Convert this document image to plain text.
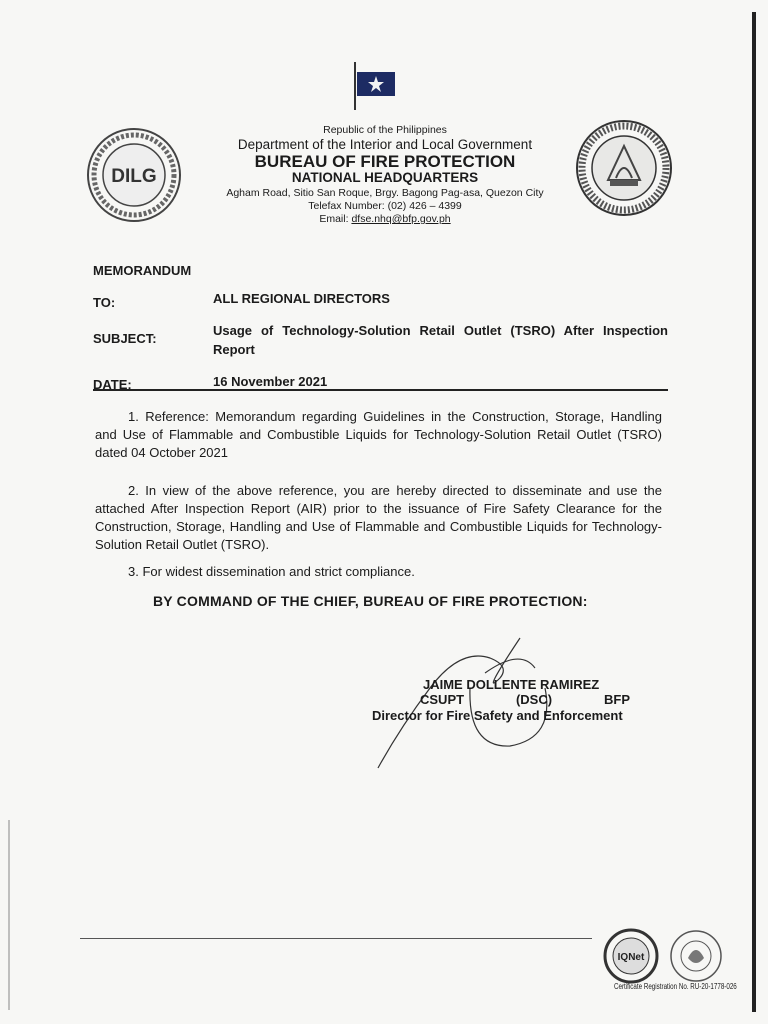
DILG
Republic of the Philippines
Department of the Interior and Local Government
BUREAU OF FIRE PROTECTION
NATIONAL HEADQUARTERS
Agham Road, Sitio San Roque, Brgy. Bagong Pag-asa, Quezon City
Telefax Number: (02) 426 – 4399
Email: dfse.nhq@bfp.gov.ph
MEMORANDUM
TO:	ALL REGIONAL DIRECTORS
SUBJECT:
Usage of Technology-Solution Retail Outlet (TSRO) After Inspection Report
DATE:	16 November 2021
1. Reference: Memorandum regarding Guidelines in the Construction, Storage, Handling and Use of Flammable and Combustible Liquids for Technology-Solution Retail Outlet (TSRO) dated 04 October 2021
2. In view of the above reference, you are hereby directed to disseminate and use the attached After Inspection Report (AIR) prior to the issuance of Fire Safety Clearance for the Construction, Storage, Handling and Use of Flammable and Combustible Liquids for Technology-Solution Retail Outlet (TSRO).
3. For widest dissemination and strict compliance.
BY COMMAND OF THE CHIEF, BUREAU OF FIRE PROTECTION:
JAIME DOLLENTE RAMIREZ
CSUPT	(DSC)	BFP
Director for Fire Safety and Enforcement
IQNet
Certificate Registration No. RU-20-1778-026
